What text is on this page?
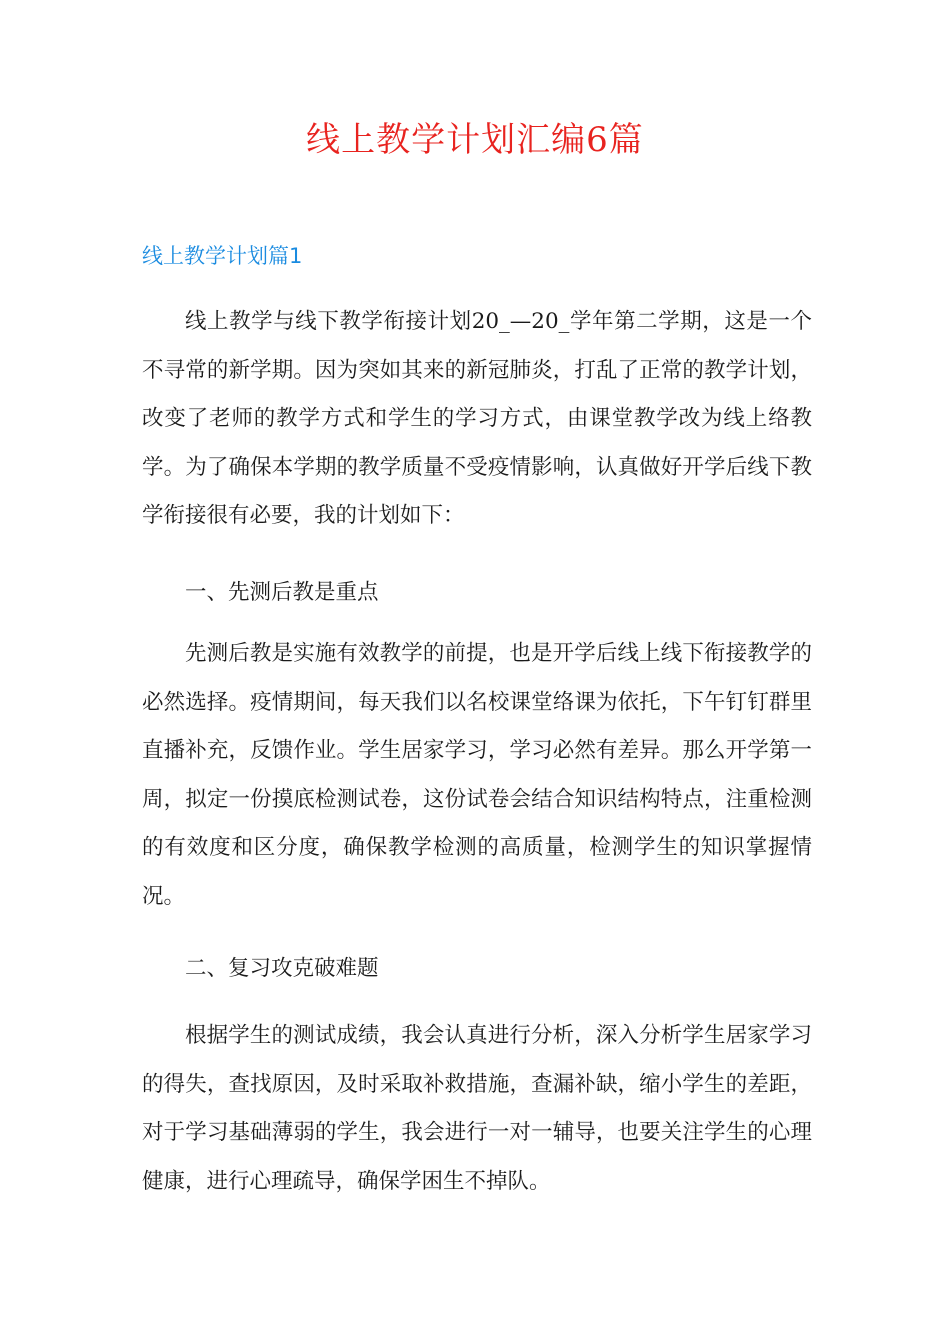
线上教学计划汇编6篇
线上教学计划篇1

线上教学与线下教学衔接计划20_—20_学年第二学期，这是一个不寻常的新学期。因为突如其来的新冠肺炎，打乱了正常的教学计划，改变了老师的教学方式和学生的学习方式，由课堂教学改为线上络教学。为了确保本学期的教学质量不受疫情影响，认真做好开学后线下教学衔接很有必要，我的计划如下：

一、先测后教是重点

先测后教是实施有效教学的前提，也是开学后线上线下衔接教学的必然选择。疫情期间，每天我们以名校课堂络课为依托，下午钉钉群里直播补充，反馈作业。学生居家学习，学习必然有差异。那么开学第一周，拟定一份摸底检测试卷，这份试卷会结合知识结构特点，注重检测的有效度和区分度，确保教学检测的高质量，检测学生的知识掌握情况。

二、复习攻克破难题

根据学生的测试成绩，我会认真进行分析，深入分析学生居家学习的得失，查找原因，及时采取补救措施，查漏补缺，缩小学生的差距，对于学习基础薄弱的学生，我会进行一对一辅导，也要关注学生的心理健康，进行心理疏导，确保学困生不掉队。
